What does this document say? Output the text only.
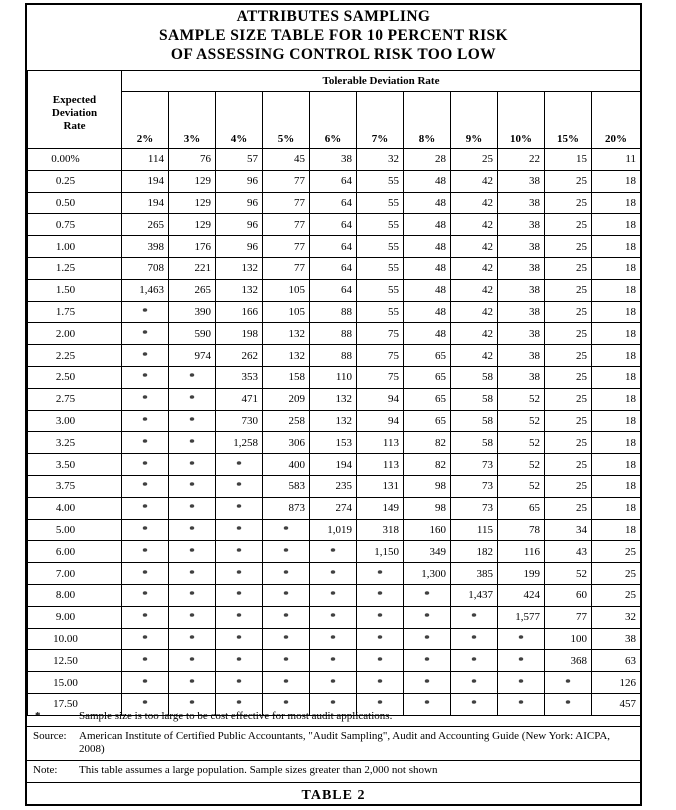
ATTRIBUTES SAMPLING
SAMPLE SIZE TABLE FOR 10 PERCENT RISK
OF ASSESSING CONTROL RISK TOO LOW
	Tolerable Deviation Rate										

Expected
Deviation
Rate	2%	3%	4%	5%	6%	7%	8%	9%	10%	15%	20%
0.00%	114	76	57	45	38	32	28	25	22	15	11
0.25	194	129	96	77	64	55	48	42	38	25	18
0.50	194	129	96	77	64	55	48	42	38	25	18
0.75	265	129	96	77	64	55	48	42	38	25	18
1.00	398	176	96	77	64	55	48	42	38	25	18
1.25	708	221	132	77	64	55	48	42	38	25	18
1.50	1,463	265	132	105	64	55	48	42	38	25	18
1.75	*	390	166	105	88	55	48	42	38	25	18
2.00	*	590	198	132	88	75	48	42	38	25	18
2.25	*	974	262	132	88	75	65	42	38	25	18
2.50	*	*	353	158	110	75	65	58	38	25	18
2.75	*	*	471	209	132	94	65	58	52	25	18
3.00	*	*	730	258	132	94	65	58	52	25	18
3.25	*	*	1,258	306	153	113	82	58	52	25	18
3.50	*	*	*	400	194	113	82	73	52	25	18
3.75	*	*	*	583	235	131	98	73	52	25	18
4.00	*	*	*	873	274	149	98	73	65	25	18
5.00	*	*	*	*	1,019	318	160	115	78	34	18
6.00	*	*	*	*	*	1,150	349	182	116	43	25
7.00	*	*	*	*	*	*	1,300	385	199	52	25
8.00	*	*	*	*	*	*	*	1,437	424	60	25
9.00	*	*	*	*	*	*	*	*	1,577	77	32
10.00	*	*	*	*	*	*	*	*	*	100	38
12.50	*	*	*	*	*	*	*	*	*	368	63
15.00	*	*	*	*	*	*	*	*	*	*	126
17.50	*	*	*	*	*	*	*	*	*	*	457
*	Sample size is too large to be cost effective for most audit applications.
Source: American Institute of Certified Public Accountants, "Audit Sampling", Audit and Accounting Guide (New York: AICPA, 2008)
Note: This table assumes a large population. Sample sizes greater than 2,000 not shown
TABLE 2
